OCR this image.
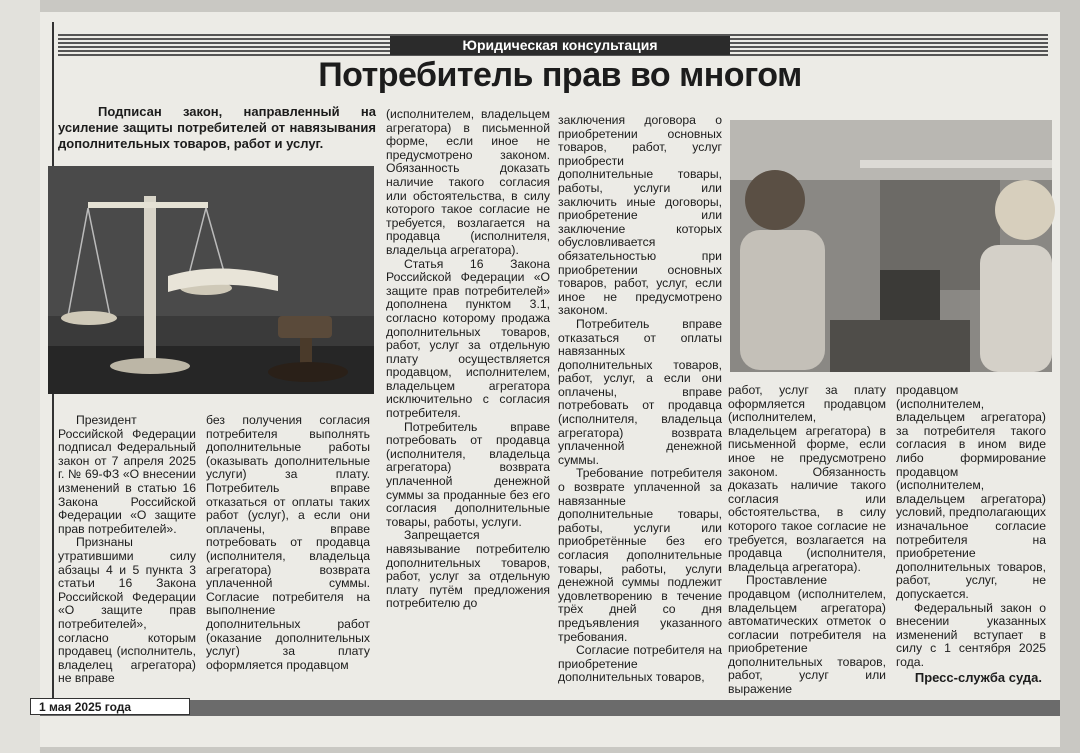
Юридическая консультация
Потребитель прав во многом
Подписан закон, направленный на усиление защиты потребителей от навязывания дополнительных товаров, работ и услуг.

Президент Российской Федерации подписал Федеральный закон от 7 апреля 2025 г. № 69-ФЗ «О внесении изменений в статью 16 Закона Российской Федерации «О защите прав потребителей».

Признаны утратившими силу абзацы 4 и 5 пункта 3 статьи 16 Закона Российской Федерации «О защите прав потребителей», согласно которым продавец (исполнитель, владелец агрегатора) не вправе

без получения согласия потребителя выполнять дополнительные работы (оказывать дополнительные услуги) за плату. Потребитель вправе отказаться от оплаты таких работ (услуг), а если они оплачены, вправе потребовать от продавца (исполнителя, владельца агрегатора) возврата уплаченной суммы. Согласие потребителя на выполнение дополнительных работ (оказание дополнительных услуг) за плату оформляется продавцом

(исполнителем, владельцем агрегатора) в письменной форме, если иное не предусмотрено законом. Обязанность доказать наличие такого согласия или обстоятельства, в силу которого такое согласие не требуется, возлагается на продавца (исполнителя, владельца агрегатора).

Статья 16 Закона Российской Федерации «О защите прав потребителей» дополнена пунктом 3.1, согласно которому продажа дополнительных товаров, работ, услуг за отдельную плату осуществляется продавцом, исполнителем, владельцем агрегатора исключительно с согласия потребителя.

Потребитель вправе потребовать от продавца (исполнителя, владельца агрегатора) возврата уплаченной денежной суммы за проданные без его согласия дополнительные товары, работы, услуги.

Запрещается навязывание потребителю дополнительных товаров, работ, услуг за отдельную плату путём предложения потребителю до

заключения договора о приобретении основных товаров, работ, услуг приобрести дополнительные товары, работы, услуги или заключить иные договоры, приобретение или заключение которых обусловливается обязательностью при приобретении основных товаров, работ, услуг, если иное не предусмотрено законом.

Потребитель вправе отказаться от оплаты навязанных дополнительных товаров, работ, услуг, а если они оплачены, вправе потребовать от продавца (исполнителя, владельца агрегатора) возврата уплаченной денежной суммы.

Требование потребителя о возврате уплаченной за навязанные дополнительные товары, работы, услуги или приобретённые без его согласия дополнительные товары, работы, услуги денежной суммы подлежит удовлетворению в течение трёх дней со дня предъявления указанного требования.

Согласие потребителя на приобретение дополнительных товаров,

работ, услуг за плату оформляется продавцом (исполнителем, владельцем агрегатора) в письменной форме, если иное не предусмотрено законом. Обязанность доказать наличие такого согласия или обстоятельства, в силу которого такое согласие не требуется, возлагается на продавца (исполнителя, владельца агрегатора).

Проставление продавцом (исполнителем, владельцем агрегатора) автоматических отметок о согласии потребителя на приобретение дополнительных товаров, работ, услуг или выражение

продавцом (исполнителем, владельцем агрегатора) за потребителя такого согласия в ином виде либо формирование продавцом (исполнителем, владельцем агрегатора) условий, предполагающих изначальное согласие потребителя на приобретение дополнительных товаров, работ, услуг, не допускается.

Федеральный закон о внесении указанных изменений вступает в силу с 1 сентября 2025 года.

Пресс-служба суда.
1 мая 2025 года
